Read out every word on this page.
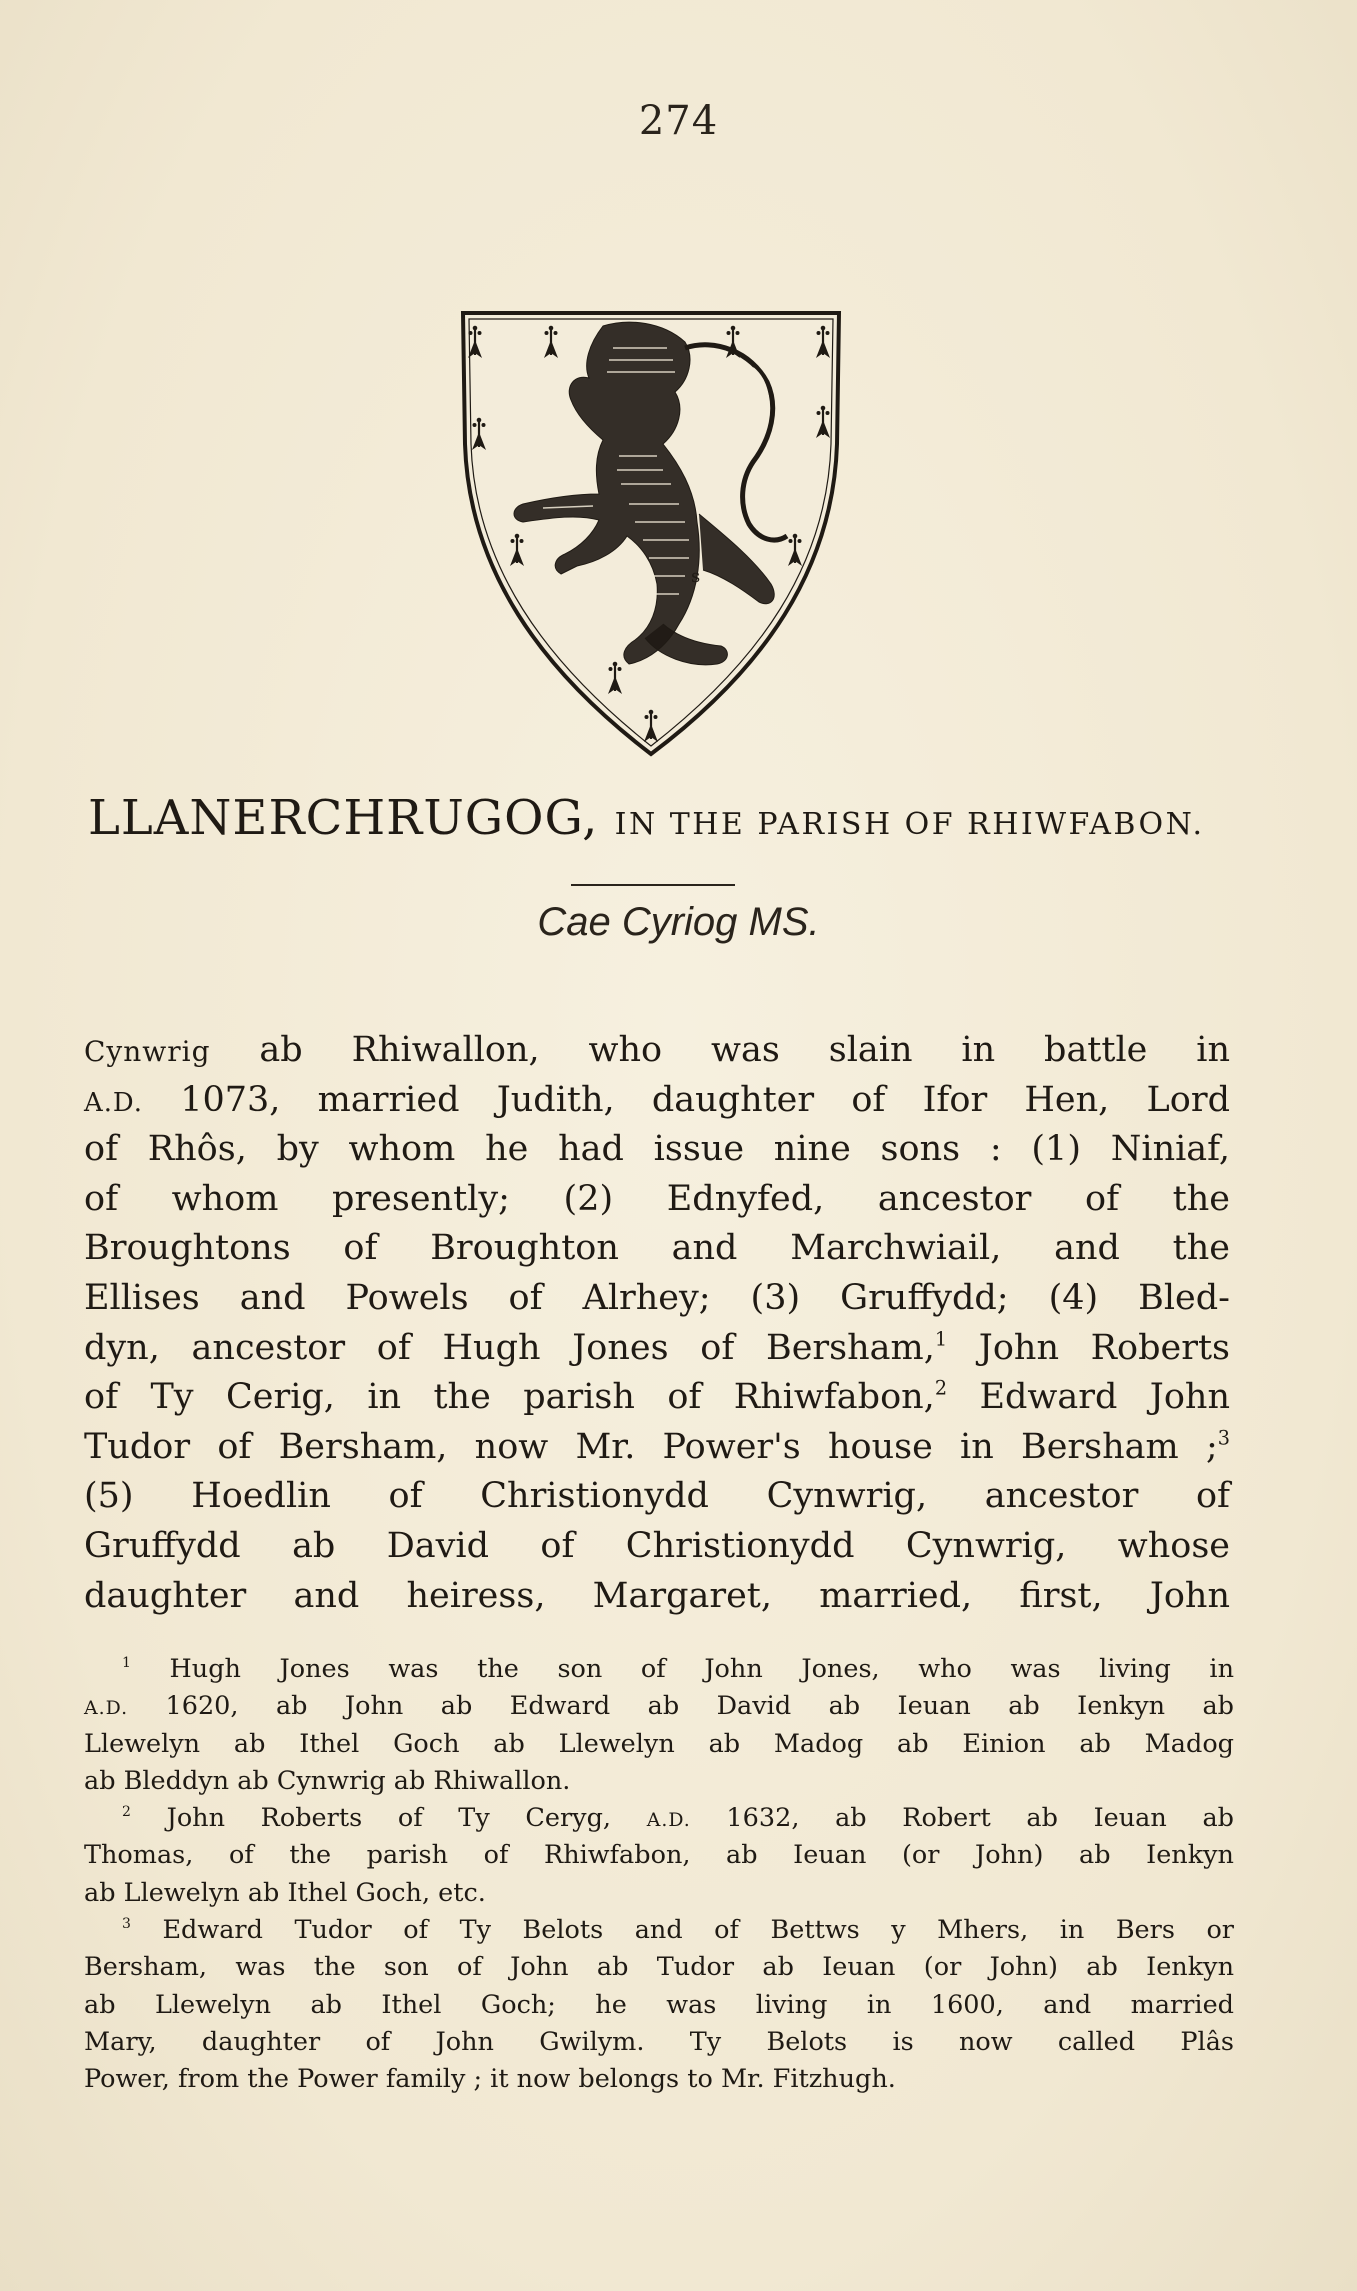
274
s
LLANERCHRUGOG, IN THE PARISH OF RHIWFABON.
Cae Cyriog MS.
Cynwrig ab Rhiwallon, who was slain in battle in
A.D. 1073, married Judith, daughter of Ifor Hen, Lord
of Rhôs, by whom he had issue nine sons : (1) Niniaf,
of whom presently; (2) Ednyfed, ancestor of the
Broughtons of Broughton and Marchwiail, and the
Ellises and Powels of Alrhey; (3) Gruffydd; (4) Bled-
dyn, ancestor of Hugh Jones of Bersham,$^1$ John Roberts
of Ty Cerig, in the parish of Rhiwfabon,$^2$ Edward John
Tudor of Bersham, now Mr. Power's house in Bersham ;$^3$
(5) Hoedlin of Christionydd Cynwrig, ancestor of
Gruffydd ab David of Christionydd Cynwrig, whose
daughter and heiress, Margaret, married, first, John
$^1$ Hugh Jones was the son of John Jones, who was living in
A.D. 1620, ab John ab Edward ab David ab Ieuan ab Ienkyn ab
Llewelyn ab Ithel Goch ab Llewelyn ab Madog ab Einion ab Madog
ab Bleddyn ab Cynwrig ab Rhiwallon.
$^2$ John Roberts of Ty Ceryg, A.D. 1632, ab Robert ab Ieuan ab
Thomas, of the parish of Rhiwfabon, ab Ieuan (or John) ab Ienkyn
ab Llewelyn ab Ithel Goch, etc.
$^3$ Edward Tudor of Ty Belots and of Bettws y Mhers, in Bers or
Bersham, was the son of John ab Tudor ab Ieuan (or John) ab Ienkyn
ab Llewelyn ab Ithel Goch; he was living in 1600, and married
Mary, daughter of John Gwilym. Ty Belots is now called Plâs
Power, from the Power family ; it now belongs to Mr. Fitzhugh.
